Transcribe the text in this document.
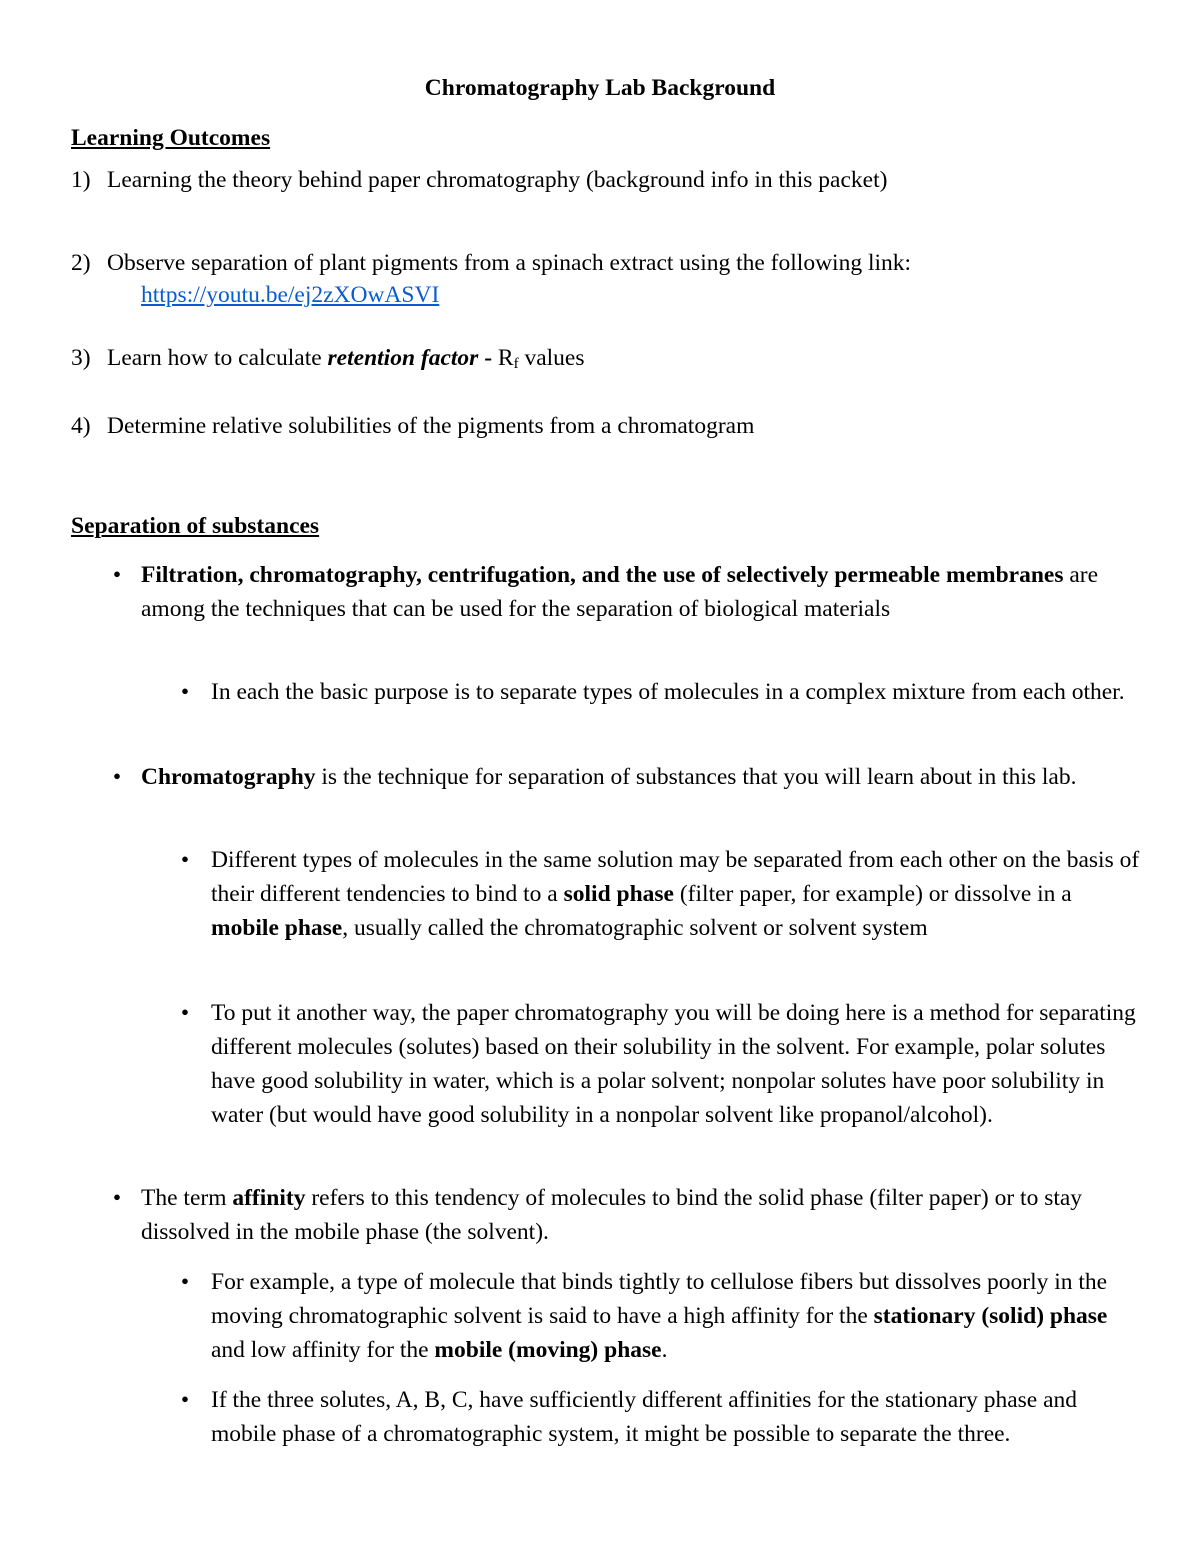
Chromatography Lab Background
Learning Outcomes
1) Learning the theory behind paper chromatography (background info in this packet)
2) Observe separation of plant pigments from a spinach extract using the following link:
https://youtu.be/ej2zXOwASVI
3) Learn how to calculate retention factor - $R_f$ values
4) Determine relative solubilities of the pigments from a chromatogram
Separation of substances
• Filtration, chromatography, centrifugation, and the use of selectively permeable membranes are among the techniques that can be used for the separation of biological materials
• In each the basic purpose is to separate types of molecules in a complex mixture from each other.
• Chromatography is the technique for separation of substances that you will learn about in this lab.
• Different types of molecules in the same solution may be separated from each other on the basis of their different tendencies to bind to a solid phase (filter paper, for example) or dissolve in a mobile phase, usually called the chromatographic solvent or solvent system
• To put it another way, the paper chromatography you will be doing here is a method for separating different molecules (solutes) based on their solubility in the solvent. For example, polar solutes have good solubility in water, which is a polar solvent; nonpolar solutes have poor solubility in water (but would have good solubility in a nonpolar solvent like propanol/alcohol).
• The term affinity refers to this tendency of molecules to bind the solid phase (filter paper) or to stay dissolved in the mobile phase (the solvent).
• For example, a type of molecule that binds tightly to cellulose fibers but dissolves poorly in the moving chromatographic solvent is said to have a high affinity for the stationary (solid) phase and low affinity for the mobile (moving) phase.
• If the three solutes, A, B, C, have sufficiently different affinities for the stationary phase and mobile phase of a chromatographic system, it might be possible to separate the three.
